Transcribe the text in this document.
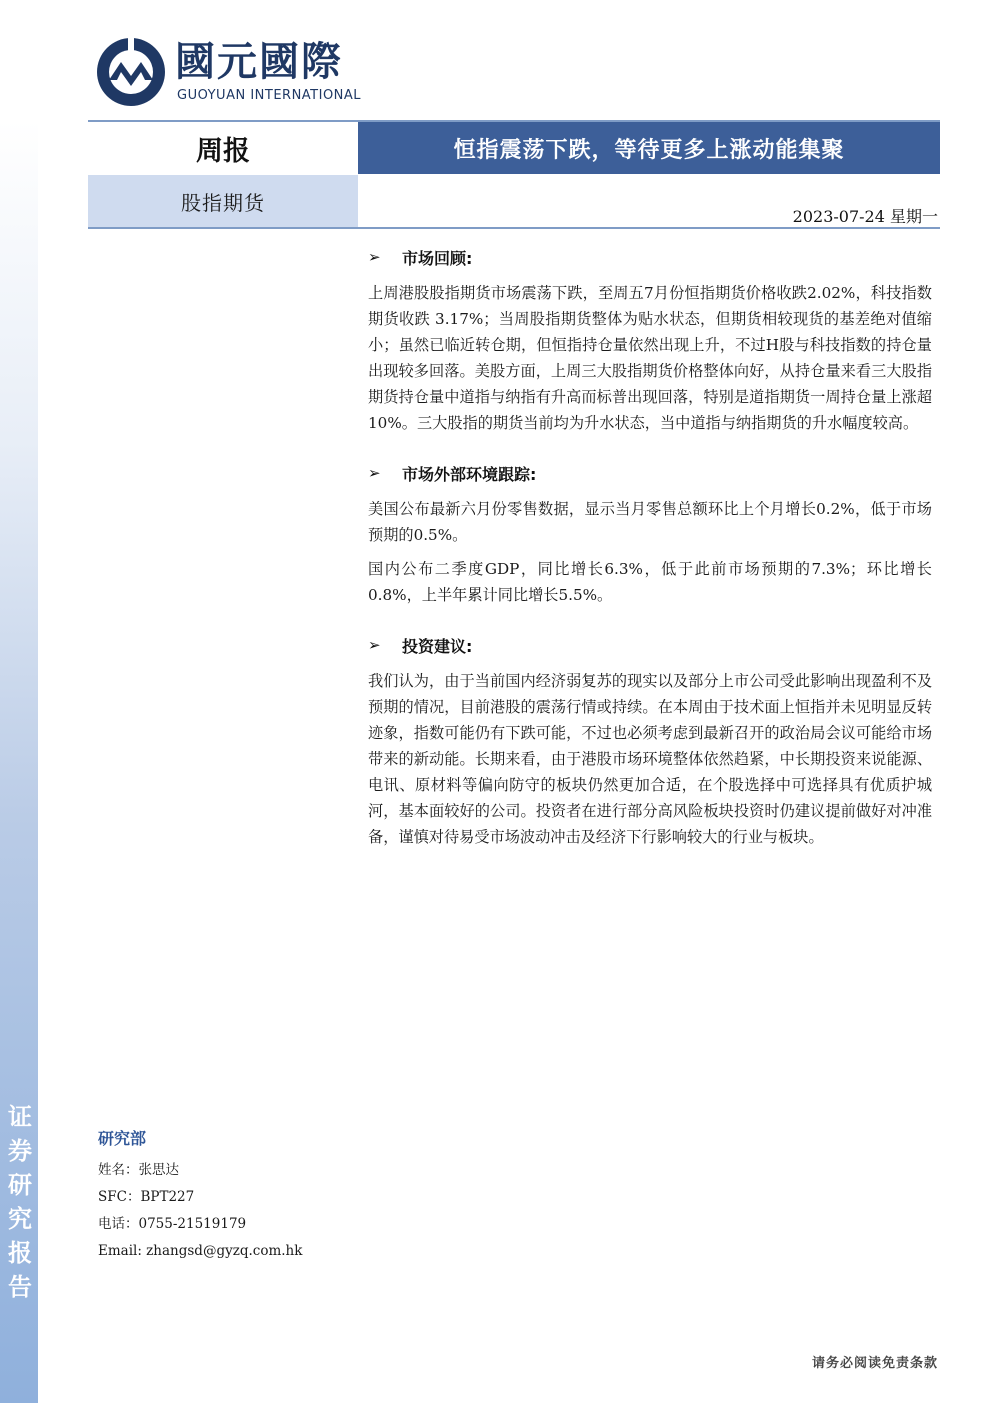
证
券
研
究
报
告
國元國際
GUOYUAN INTERNATIONAL
周报	恒指震荡下跌，等待更多上涨动能集聚
股指期货
2023-07-24 星期一
➢	市场回顾:

上周港股股指期货市场震荡下跌，至周五7月份恒指期货价格收跌2.02%，科技指数期货收跌 3.17%；当周股指期货整体为贴水状态，但期货相较现货的基差绝对值缩小；虽然已临近转仓期，但恒指持仓量依然出现上升，不过H股与科技指数的持仓量出现较多回落。美股方面，上周三大股指期货价格整体向好，从持仓量来看三大股指期货持仓量中道指与纳指有升高而标普出现回落，特别是道指期货一周持仓量上涨超10%。三大股指的期货当前均为升水状态，当中道指与纳指期货的升水幅度较高。

➢	市场外部环境跟踪:

美国公布最新六月份零售数据，显示当月零售总额环比上个月增长0.2%，低于市场预期的0.5%。

国内公布二季度GDP，同比增长6.3%，低于此前市场预期的7.3%；环比增长0.8%，上半年累计同比增长5.5%。

➢	投资建议:

我们认为，由于当前国内经济弱复苏的现实以及部分上市公司受此影响出现盈利不及预期的情况，目前港股的震荡行情或持续。在本周由于技术面上恒指并未见明显反转迹象，指数可能仍有下跌可能，不过也必须考虑到最新召开的政治局会议可能给市场带来的新动能。长期来看，由于港股市场环境整体依然趋紧，中长期投资来说能源、电讯、原材料等偏向防守的板块仍然更加合适，在个股选择中可选择具有优质护城河，基本面较好的公司。投资者在进行部分高风险板块投资时仍建议提前做好对冲准备，谨慎对待易受市场波动冲击及经济下行影响较大的行业与板块。

研究部
姓名：张思达
SFC：BPT227
电话：0755-21519179
Email: zhangsd@gyzq.com.hk
请务必阅读免责条款
